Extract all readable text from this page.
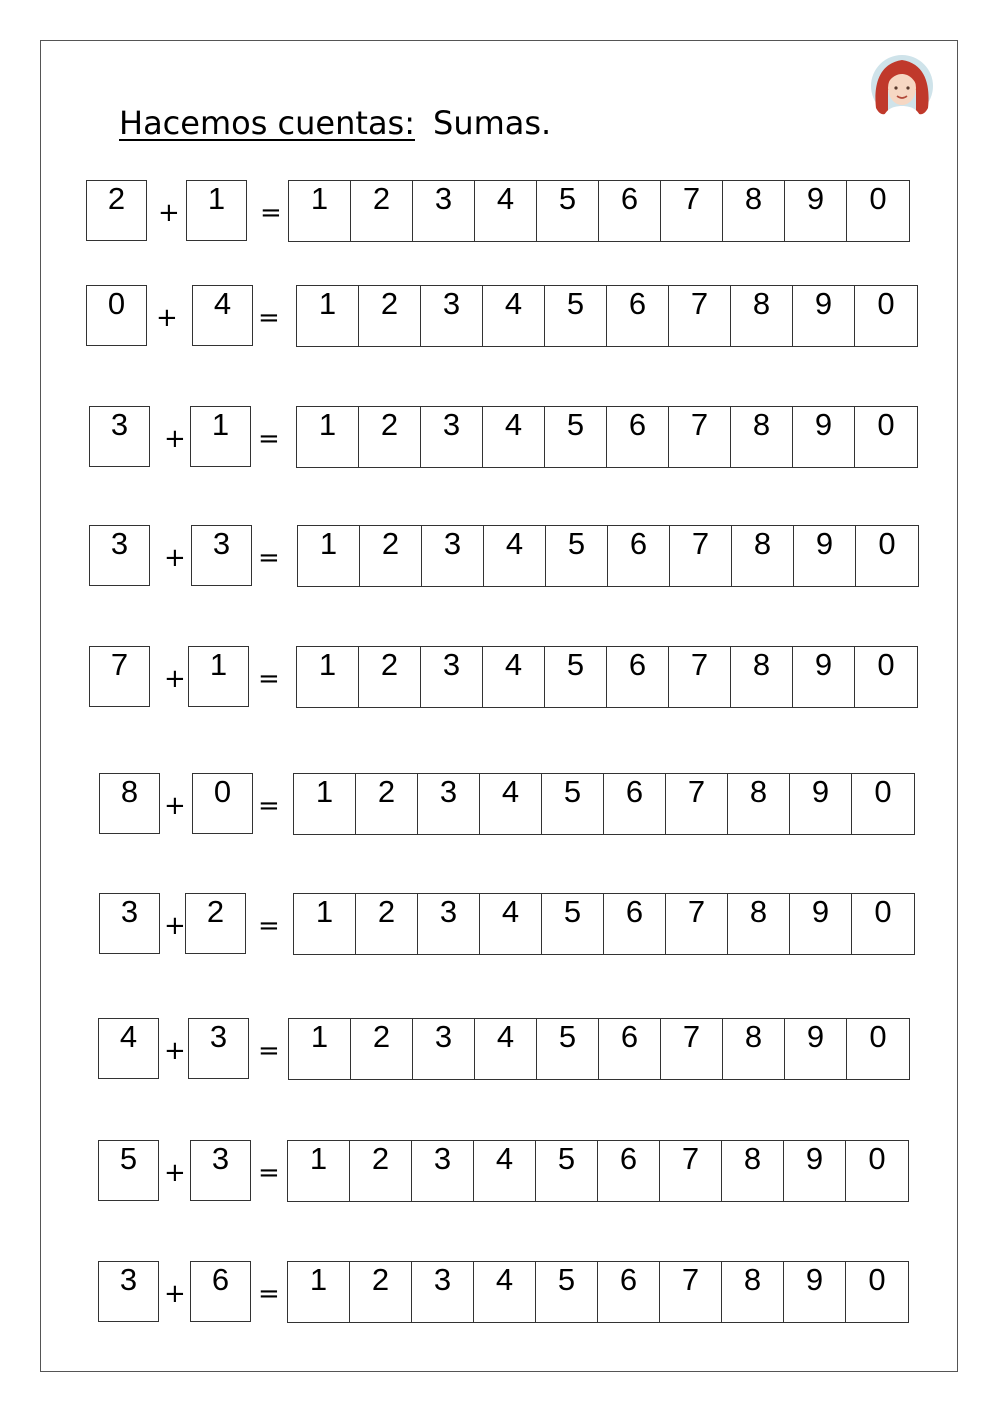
Hacemos cuentas: Sumas.
2	+ 1	= 1	2	3	4	5	6	7	8	9	0
0	+	4	=	1	2	3	4	5	6	7	8	9	0
3	+ 1	=	1	2	3	4	5	6	7	8	9	0
3	+ 3	=	1	2	3	4	5	6	7	8	9	0
7	+ 1	=	1	2	3	4	5	6	7	8	9	0
8 + 0	=	1	2	3	4	5	6	7	8	9	0
3 + 2	=	1	2	3	4	5	6	7	8	9	0
4	+ 3	=	1	2	3	4	5	6	7	8	9	0
5	+ 3	= 1	2	3	4	5	6	7	8	9	0
3	+ 6	= 1	2	3	4	5	6	7	8	9	0
